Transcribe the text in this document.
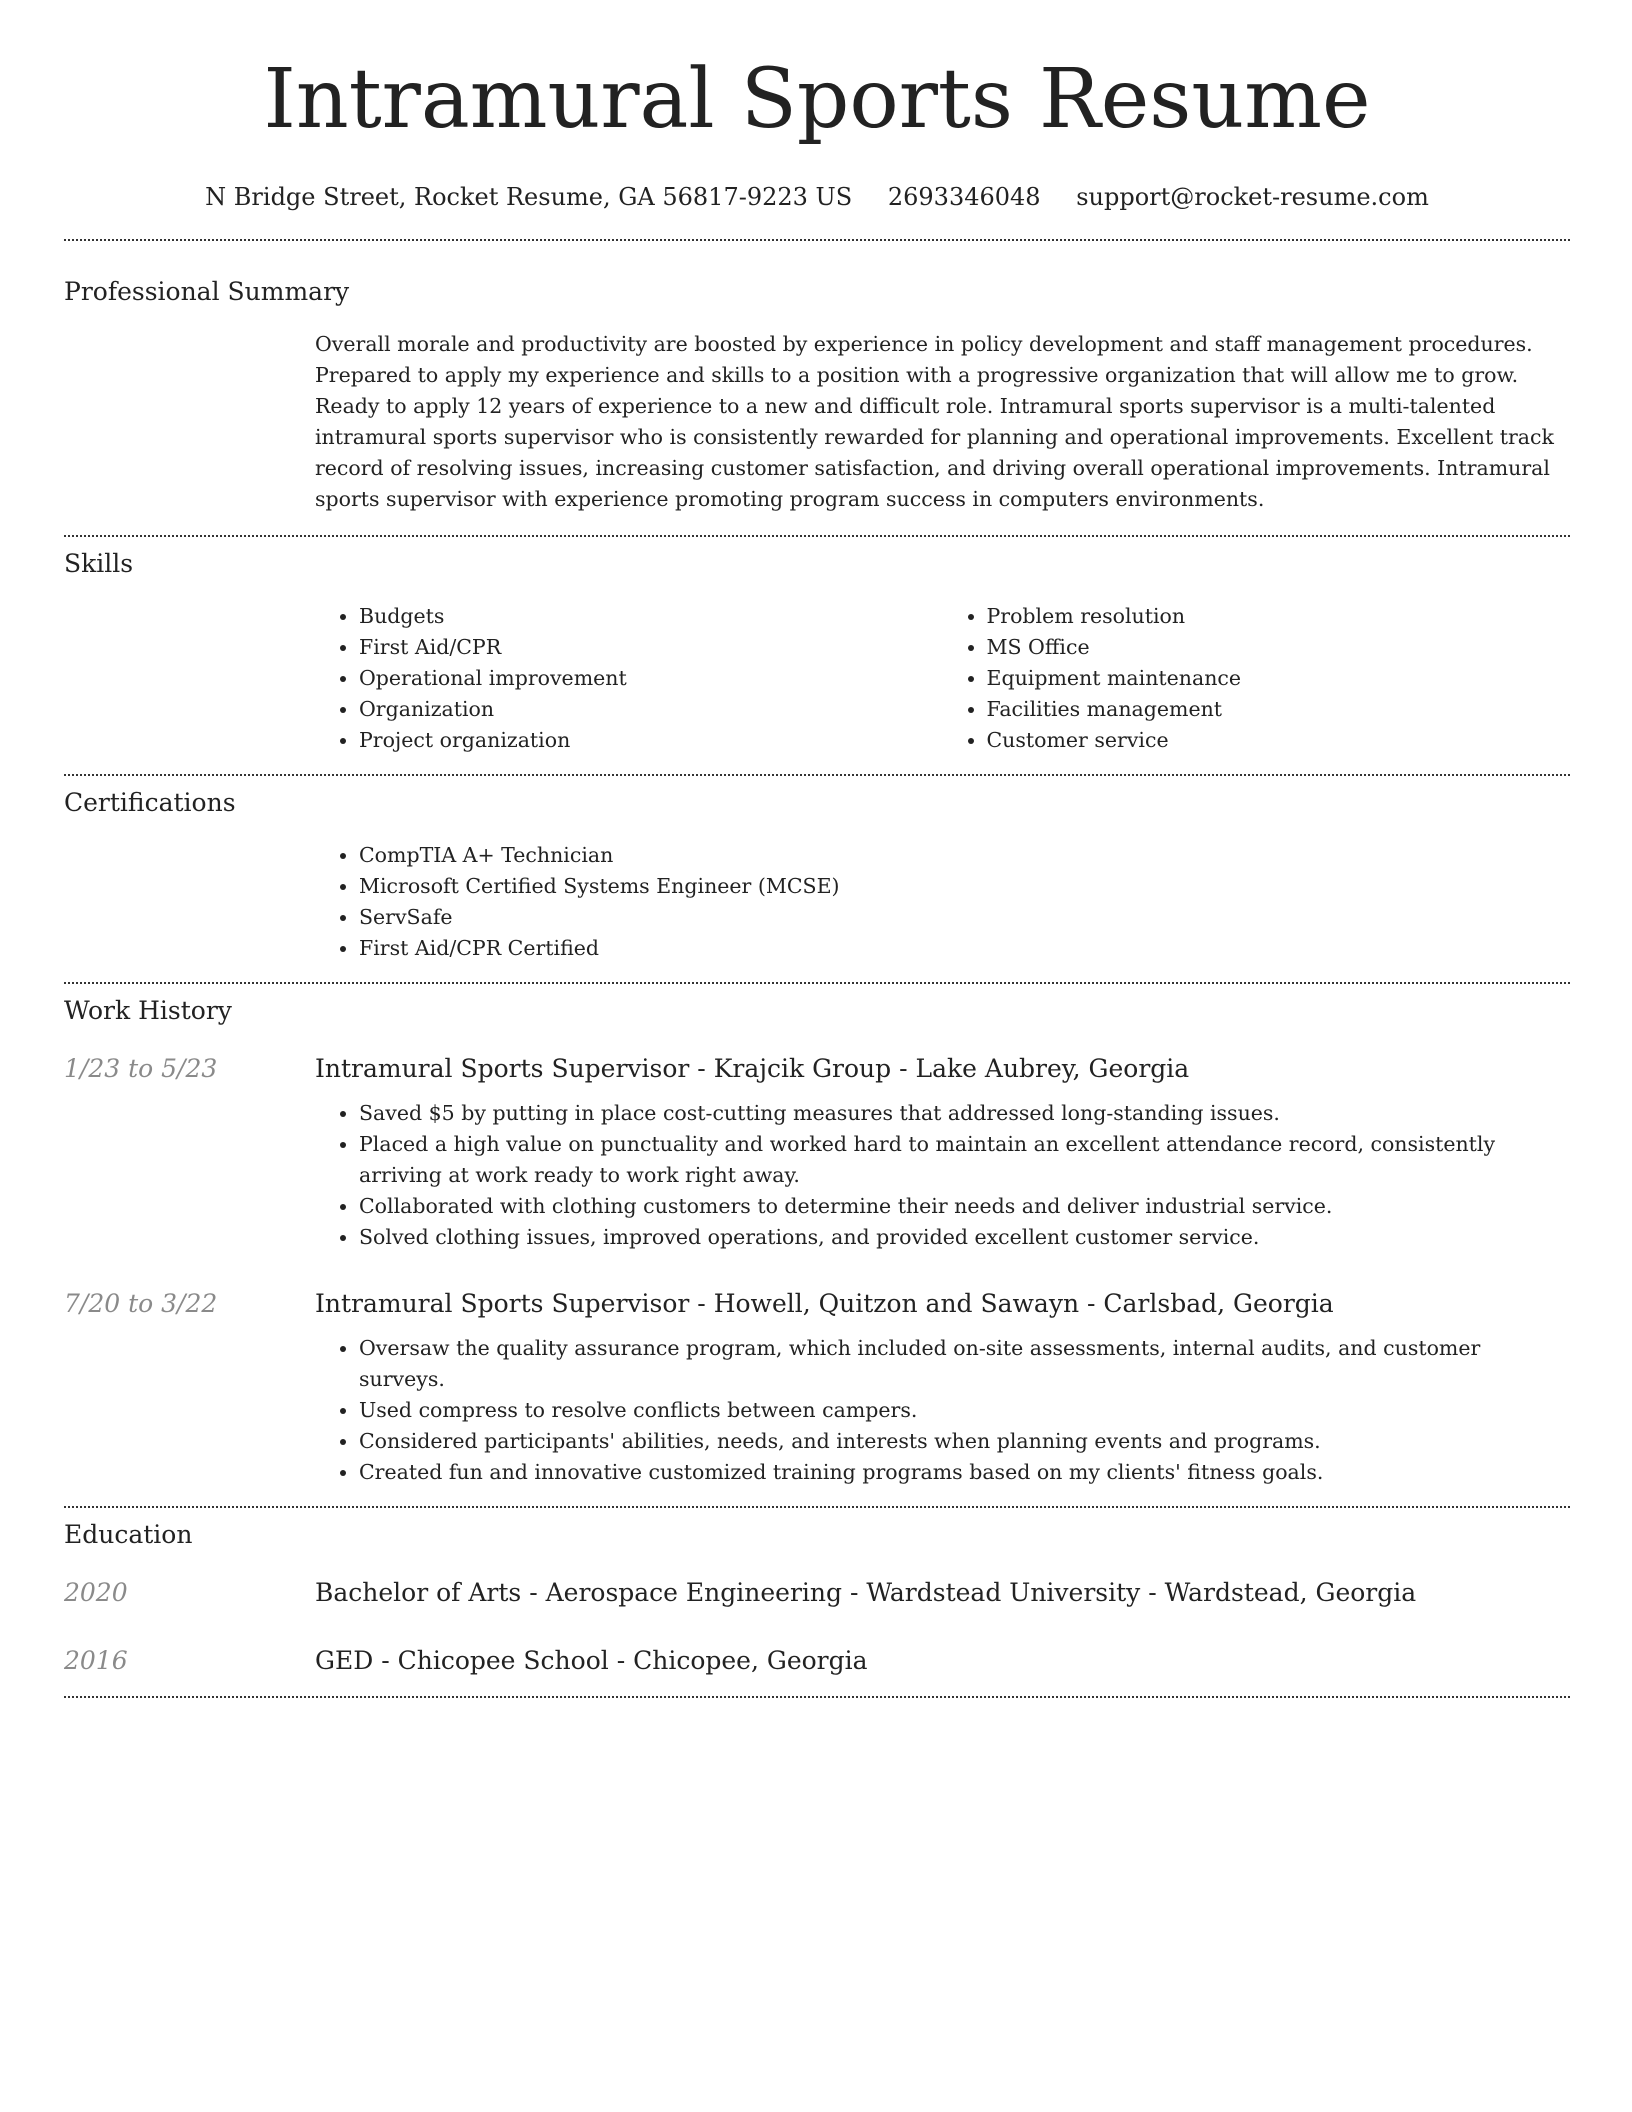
Intramural Sports Resume
N Bridge Street, Rocket Resume, GA 56817-9223 US 2693346048 support@rocket-resume.com
Professional Summary

Overall morale and productivity are boosted by experience in policy development and staff management procedures. Prepared to apply my experience and skills to a position with a progressive organization that will allow me to grow. Ready to apply 12 years of experience to a new and difficult role. Intramural sports supervisor is a multi-talented intramural sports supervisor who is consistently rewarded for planning and operational improvements. Excellent track record of resolving issues, increasing customer satisfaction, and driving overall operational improvements. Intramural sports supervisor with experience promoting program success in computers environments.

Skills
• Budgets
• First Aid/CPR
• Operational improvement
• Organization
• Project organization
• Problem resolution
• MS Office
• Equipment maintenance
• Facilities management
• Customer service
Certifications
• CompTIA A+ Technician
• Microsoft Certified Systems Engineer (MCSE)
• ServSafe
• First Aid/CPR Certified
Work History
1/23 to 5/23	Intramural Sports Supervisor - Krajcik Group - Lake Aubrey, Georgia
• Saved $5 by putting in place cost-cutting measures that addressed long-standing issues.
• Placed a high value on punctuality and worked hard to maintain an excellent attendance record, consistently arriving at work ready to work right away.
• Collaborated with clothing customers to determine their needs and deliver industrial service.
• Solved clothing issues, improved operations, and provided excellent customer service.
7/20 to 3/22	Intramural Sports Supervisor - Howell, Quitzon and Sawayn - Carlsbad, Georgia
• Oversaw the quality assurance program, which included on-site assessments, internal audits, and customer surveys.
• Used compress to resolve conflicts between campers.
• Considered participants' abilities, needs, and interests when planning events and programs.
• Created fun and innovative customized training programs based on my clients' fitness goals.
Education
2020	Bachelor of Arts - Aerospace Engineering - Wardstead University - Wardstead, Georgia
2016	GED - Chicopee School - Chicopee, Georgia
